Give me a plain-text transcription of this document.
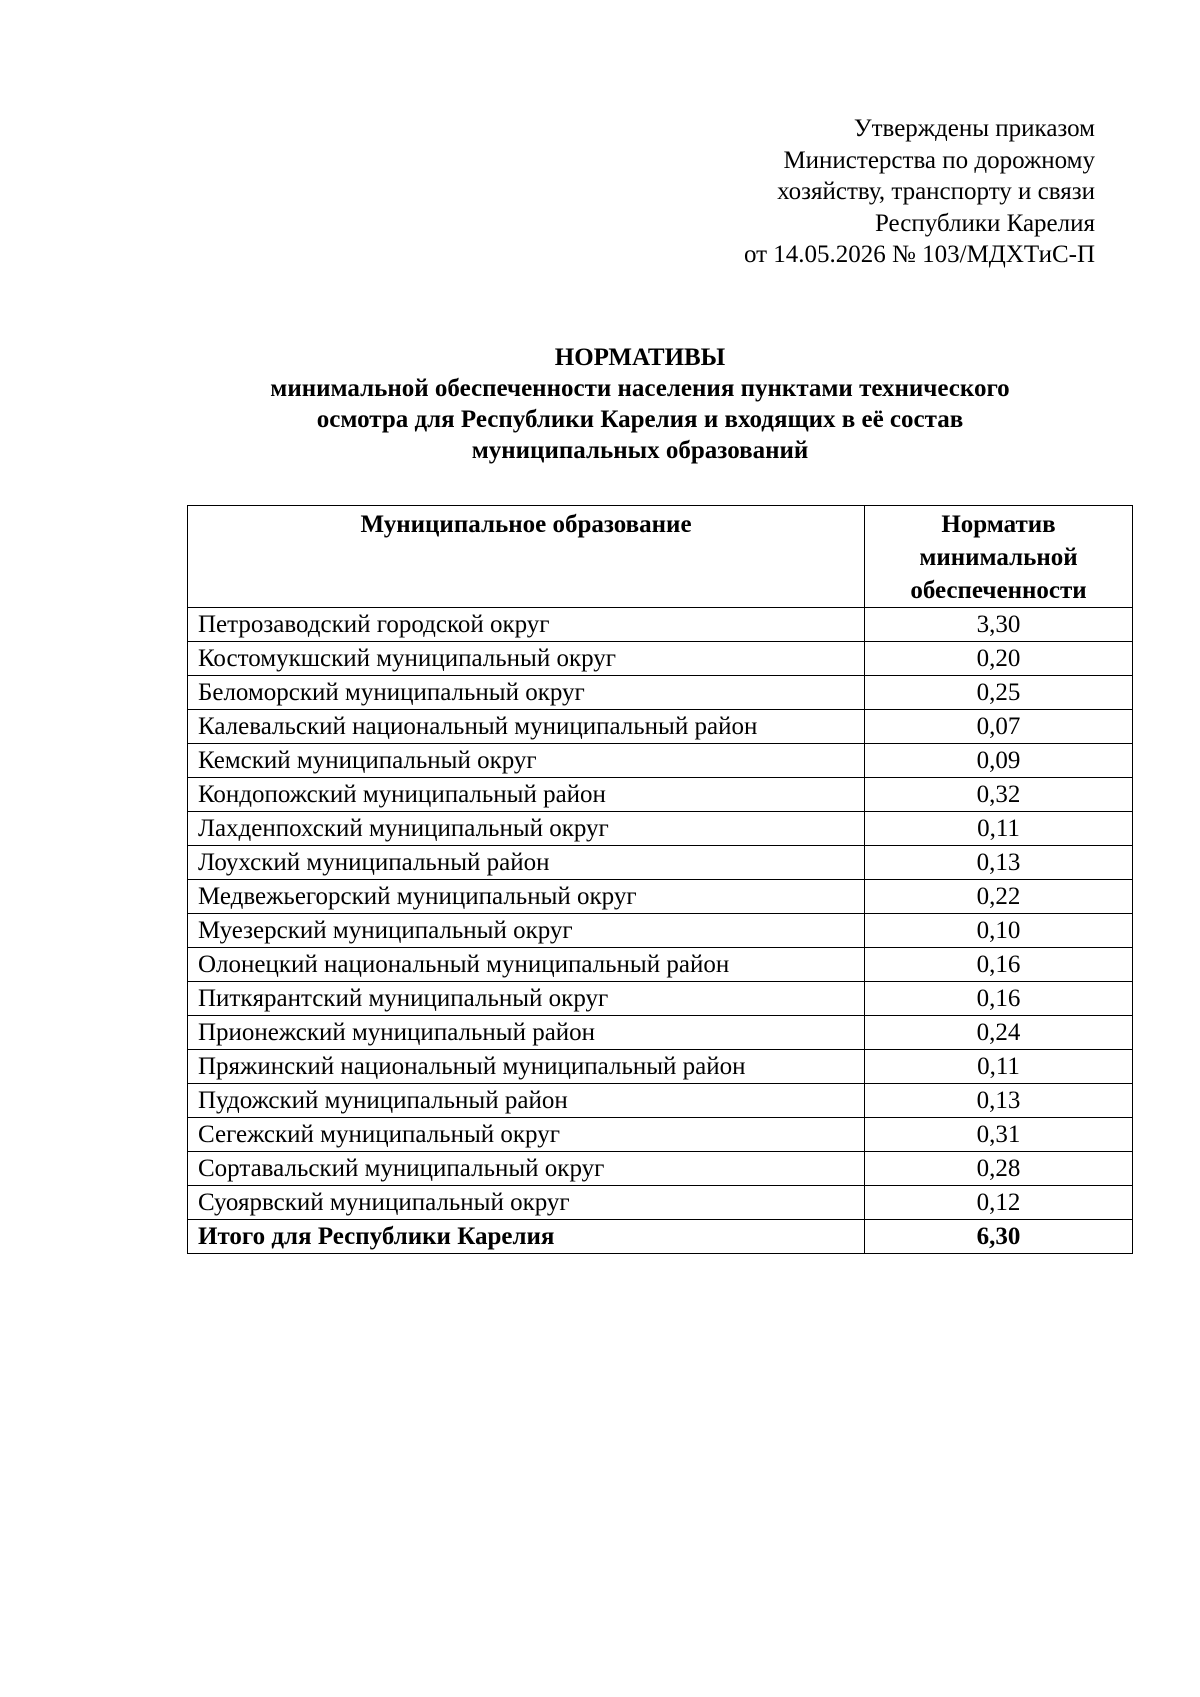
Утверждены приказом
Министерства по дорожному
хозяйству, транспорту и связи
Республики Карелия
от 14.05.2026 № 103/МДХТиС-П
НОРМАТИВЫ
минимальной обеспеченности населения пунктами технического
осмотра для Республики Карелия и входящих в её состав
муниципальных образований
Муниципальное образование	Норматив
минимальной
обеспеченности

Петрозаводский городской округ	3,30
Костомукшский муниципальный округ	0,20
Беломорский муниципальный округ	0,25
Калевальский национальный муниципальный район	0,07
Кемский муниципальный округ	0,09
Кондопожский муниципальный район	0,32
Лахденпохский муниципальный округ	0,11
Лоухский муниципальный район	0,13
Медвежьегорский муниципальный округ	0,22
Муезерский муниципальный округ	0,10
Олонецкий национальный муниципальный район	0,16
Питкярантский муниципальный округ	0,16
Прионежский муниципальный район	0,24
Пряжинский национальный муниципальный район	0,11
Пудожский муниципальный район	0,13
Сегежский муниципальный округ	0,31
Сортавальский муниципальный округ	0,28
Суоярвский муниципальный округ	0,12
Итого для Республики Карелия	6,30
